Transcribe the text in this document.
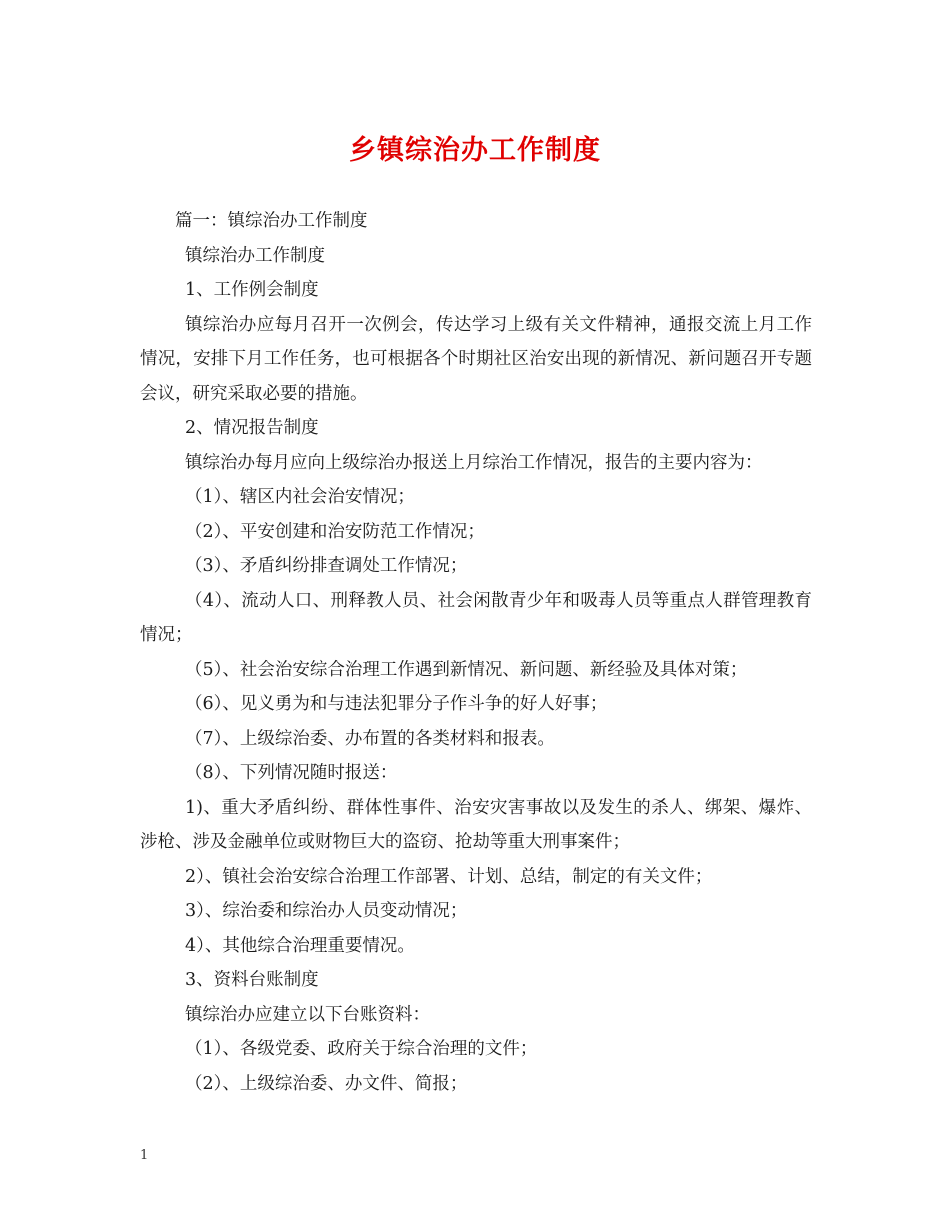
乡镇综治办工作制度

篇一：镇综治办工作制度

镇综治办工作制度

1、工作例会制度

镇综治办应每月召开一次例会，传达学习上级有关文件精神，通报交流上月工作情况，安排下月工作任务，也可根据各个时期社区治安出现的新情况、新问题召开专题会议，研究采取必要的措施。

2、情况报告制度

镇综治办每月应向上级综治办报送上月综治工作情况，报告的主要内容为：

（1）、辖区内社会治安情况；

（2）、平安创建和治安防范工作情况；

（3）、矛盾纠纷排查调处工作情况；

（4）、流动人口、刑释教人员、社会闲散青少年和吸毒人员等重点人群管理教育情况；

（5）、社会治安综合治理工作遇到新情况、新问题、新经验及具体对策；

（6）、见义勇为和与违法犯罪分子作斗争的好人好事；

（7）、上级综治委、办布置的各类材料和报表。

（8）、下列情况随时报送：

1)、重大矛盾纠纷、群体性事件、治安灾害事故以及发生的杀人、绑架、爆炸、涉枪、涉及金融单位或财物巨大的盗窃、抢劫等重大刑事案件；

2）、镇社会治安综合治理工作部署、计划、总结，制定的有关文件；

3）、综治委和综治办人员变动情况；

4）、其他综合治理重要情况。

3、资料台账制度

镇综治办应建立以下台账资料：

（1）、各级党委、政府关于综合治理的文件；

（2）、上级综治委、办文件、简报；

1
